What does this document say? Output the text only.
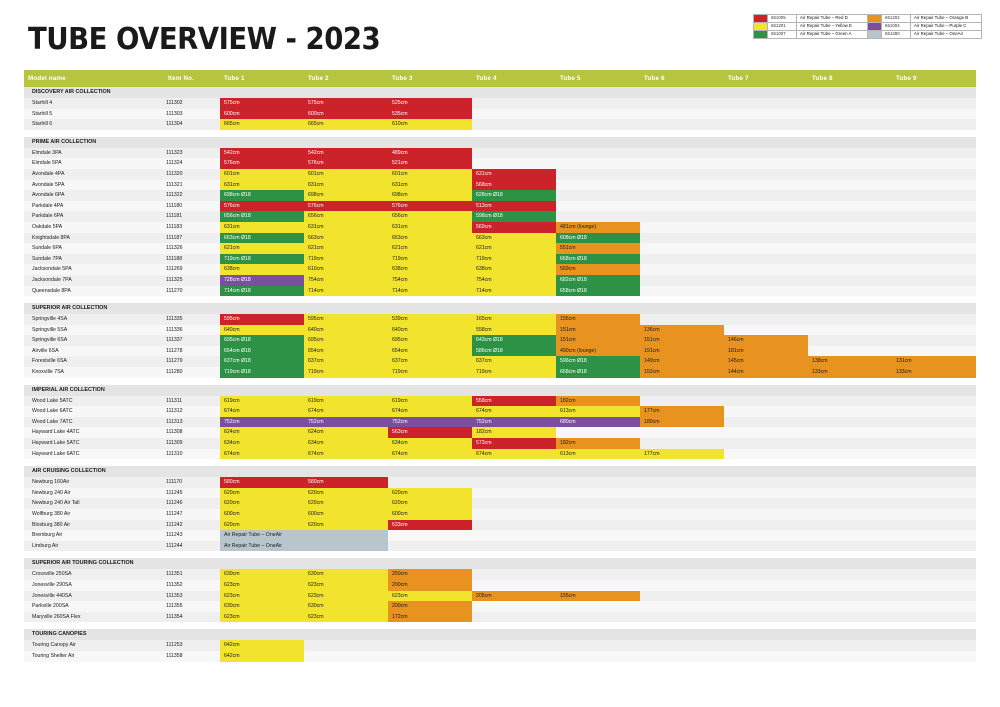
TUBE OVERVIEW - 2023
	651005	Air Repair Tube – Red D		651202	Air Repair Tube – Orange B
	651201	Air Repair Tube – Yellow E		651004	Air Repair Tube – Purple C
	651007	Air Repair Tube – Green A		651280	Air Repair Tube – OneAir
Model name	Item No.	Tube 1	Tube 2	Tube 3	Tube 4	Tube 5	Tube 6	Tube 7	Tube 8	Tube 9
DISCOVERY AIR COLLECTION										
Starhill 4	111302	575cm	575cm	525cm						
Starhill 5	111303	600cm	600cm	535cm						
Starhill 6	111304	665cm	665cm	610cm						

PRIME AIR COLLECTION										
Elmdale 3PA	111323	542cm	542cm	489cm						
Elmdale 5PA	111324	576cm	576cm	521cm						
Avondale 4PA	111320	601cm	601cm	601cm	631cm					
Avondale 5PA	111321	631cm	631cm	631cm	568cm					
Avondale 6PA	111322	698cm Ø18	698cm	698cm	628cm Ø18					
Parkdale 4PA	111180	576cm	576cm	576cm	513cm					
Parkdale 6PA	111181	656cm Ø18	656cm	656cm	598cm Ø18					
Oakdale 5PA	111183	631cm	631cm	631cm	569cm	481cm (lounge)				
Knightsdale 8PA	111187	663cm Ø18	663cm	663cm	663cm	608cm Ø18				
Sundale 6PA	111326	621cm	621cm	621cm	621cm	551cm				
Sundale 7PA	111188	719cm Ø18	719cm	719cm	719cm	668cm Ø18				
Jacksondale 5PA	111269	638cm	610cm	638cm	638cm	569cm				
Jacksondale 7PA	111325	728cm Ø18	754cm	754cm	754cm	682cm Ø18				
Queensdale 8PA	111270	714cm Ø18	714cm	714cm	714cm	658cm Ø18				

SUPERIOR AIR COLLECTION										
Springville 4SA	111335	595cm	595cm	539cm	165cm	155cm				
Springville 5SA	111336	640cm	640cm	640cm	558cm	151cm	136cm			
Springville 6SA	111337	695cm Ø18	695cm	695cm	643cm Ø18	151cm	151cm	146cm		
Airville 6SA	111278	654cm Ø18	654cm	654cm	586cm Ø18	490cm (lounge)	191cm	181cm		
Forestville 6SA	111279	637cm Ø18	637cm	637cm	637cm	596cm Ø18	149cm	145cm	138cm	131cm
Knoxville 7SA	111280	719cm Ø18	719cm	719cm	719cm	668cm Ø18	152cm	144cm	133cm	133cm

IMPERIAL AIR COLLECTION										
Wood Lake 5ATC	111311	619cm	619cm	619cm	558cm	182cm				
Wood Lake 6ATC	111312	674cm	674cm	674cm	674cm	613cm	177cm			
Wood Lake 7ATC	111313	752cm	752cm	752cm	752cm	680cm	180cm			
Hayward Lake 4ATC	111308	624cm	624cm	563cm	182cm					
Hayward Lake 5ATC	111309	634cm	634cm	634cm	573cm	182cm				
Hayward Lake 6ATC	111310	674cm	674cm	674cm	674cm	613cm	177cm			

AIR CRUISING COLLECTION										
Newburg 160Air	111170	580cm	580cm							
Newburg 240 Air	111245	620cm	620cm	620cm						
Newburg 240 Air Tall	111246	620cm	620cm	620cm						
Wolfburg 380 Air	111247	600cm	600cm	600cm						
Blosburg 380 Air	111242	620cm	620cm	633cm						
Bremburg Air	111243	Air Repair Tube – OneAir								
Limburg Air	111244	Air Repair Tube – OneAir								

SUPERIOR AIR TOURING COLLECTION										
Crossville 250SA	111351	630cm	630cm	250cm						
Jonesville 290SA	111352	623cm	623cm	200cm						
Jonesville 440SA	111353	623cm	623cm	623cm	205cm	155cm				
Parkville 200SA	111355	630cm	630cm	200cm						
Maryville 260SA Flex	111354	623cm	623cm	172cm						

TOURING CANOPIES										
Touring Canopy Air	111253	642cm								
Touring Shelter Air	111358	642cm								
